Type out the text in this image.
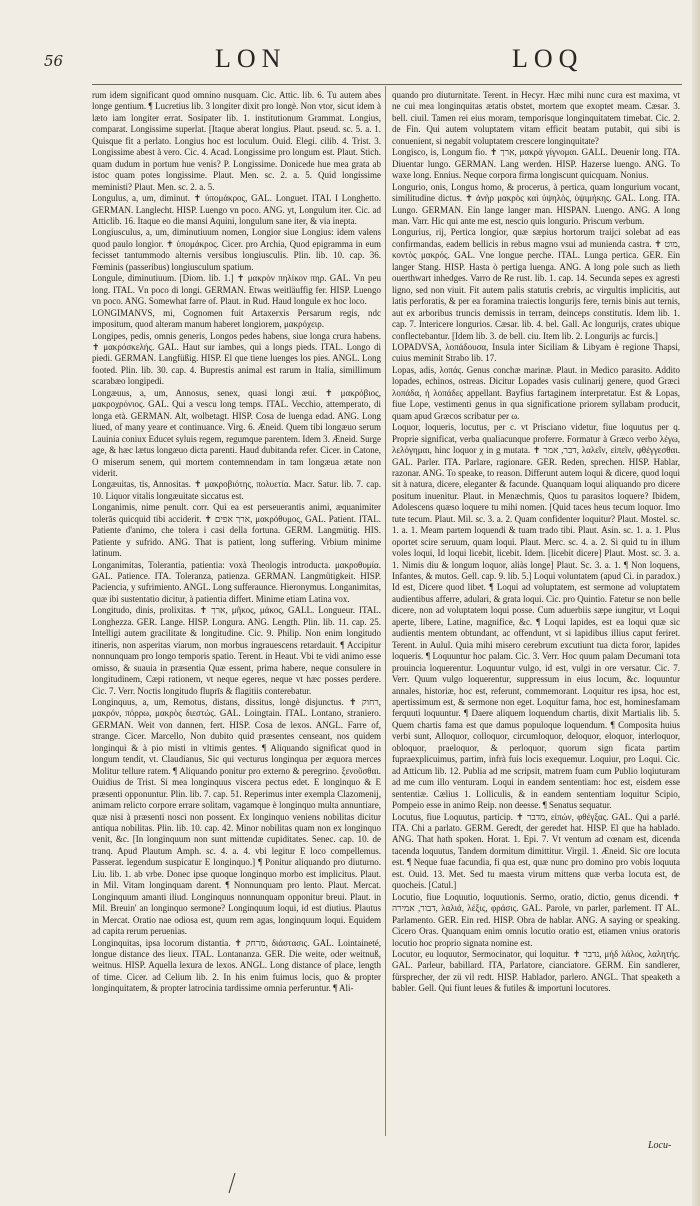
56	LON	LOQ

rum idem significant quod omnino nusquam. Cic. Attic. lib. 6. Tu autem abes longe gentium. ¶ Lucretius lib. 3 longiter dixit pro longè. Non vtor, sicut idem à læto iam longiter errat. Sosipater lib. 1. institutionum Grammat. Longius, comparat. Longissime superlat. [Itaque aberat longius. Plaut. pseud. sc. 5. a. 1. Quisque fit a perlato. Longius hoc est loculum. Ouid. Elegi. cilib. 4. Trist. 3. Longissime abest à vero. Cic. 4. Acad. Longissime pro longum est. Plaut. Stich. quam dudum in portum hue venis? P. Longissime. Donicede hue mea grata ab istoc quam potes longissime. Plaut. Men. sc. 2. a. 5. Quid longissime meministi? Plaut. Men. sc. 2. a. 5.

Longulus, a, um, diminut. ✝ ὑπομάκρος, GAL. Longuet. ITAL I Longhetto. GERMAN. Langlecht. HISP. Luengo vn poco. ANG. yt, Longulum iter. Cic. ad Atticlib. 16. Itaque eo die mansi Aquini, longulum sane iter, & via inepta.

Longiusculus, a, um, diminutiuum nomen, Longior siue Longius: idem valens quod paulo longior. ✝ ὑπομάκρος. Cicer. pro Archia, Quod epigramma in eum fecisset tantummodo alternis versibus longiusculis. Plin. lib. 10. cap. 36. Fœminis (passeribus) longiusculum spatium.

Longule, diminutiuum. [Diom. lib. 1.] ✝ μακρὸν πηλίκον πηρ. GAL. Vn peu long. ITAL. Vn poco di longi. GERMAN. Etwas weitläuffig fer. HISP. Luengo vn poco. ANG. Somewhat farre of. Plaut. in Rud. Haud longule ex hoc loco.

LONGIMANVS, mi, Cognomen fuit Artaxerxis Persarum regis, ndc impositum, quod alteram manum haberet longiorem, μακρόχειρ.

Longipes, pedis, omnis generis, Longos pedes habens, siue longa crura habens. ✝ μακρόσκελής. GAL. Haut sur iambes, qui a longs pieds. ITAL. Longo di piedi. GERMAN. Langfüßig. HISP. El que tiene luenges los pies. ANGL. Long footed. Plin. lib. 30. cap. 4. Buprestis animal est rarum in Italia, simillimum scarabæo longipedi.

Longæuus, a, um, Annosus, senex, quasi longi æui. ✝ μακρόβιος, μακροχρόνιος. GAL. Qui a vescu long temps. ITAL. Vecchio, attemperato, di longa età. GERMAN. Alt, wolbetagt. HISP. Cosa de luenga edad. ANG. Long liued, of many yeare et continuance. Virg. 6. Æneid. Quem tibi longæuo serum Lauinia coniux Educet syluis regem, regumque parentem. Idem 3. Æneid. Surge age, & hæc lætus longæuo dicta parenti. Haud dubitanda refer. Cicer. in Catone, O miserum senem, qui mortem contemnendam in tam longæua ætate non viderit.

Longæuitas, tis, Annositas. ✝ μακροβιότης, πολυετία. Macr. Satur. lib. 7. cap. 10. Liquor vitalis longæuitate siccatus est.

Longanimis, nime penult. corr. Qui ea est perseuerantis animi, æquanimiter tolerās quicquid tibi acciderit. ✝ ארך אפים, μακρόθυμος, GAL. Patient. ITAL. Patiente d'animo, che tolera i casi della fortuna. GERM. Langmütig. HIS. Patiente y sufrido. ANG. That is patient, long suffering. Vrbium minime latinum.

Longanimitas, Tolerantia, patientia: voxà Theologis introducta. μακροθυμία. GAL. Patience. ITA. Toleranza, patienza. GERMAN. Langmütigkeit. HISP. Paciencia, y sufrimiento. ANGL. Long sufferaunce. Hieronymus. Longanimitas, quæ ibi sustentatio dicitur, à patientia differt. Minime etiam Latina vox.

Longitudo, dinis, prolixitas. ✝ ארך, μῆκος, μάκος, GALL. Longueur. ITAL. Longhezza. GER. Lange. HISP. Longura. ANG. Length. Plin. lib. 11. cap. 25. Intelligi autem gracilitate & longitudine. Cic. 9. Philip. Non enim longitudo itineris, non asperitas viarum, non morbus ingrauescens retardauit. ¶ Accipitur nonnunquam pro longo temporis spatio. Terent. in Heaut. Vbi te vidi animo esse omisso, & suauia in præsentia Quæ essent, prima habere, neque consulere in longitudinem, Cæpi rationem, vt neque egeres, neque vt hæc posses perdere. Cic. 7. Verr. Noctis longitudo fluprīs & flagitiis conterebatur.

Longinquus, a, um, Remotus, distans, dissitus, longè disjunctus. ✝ רחוק, μακρόν, πόρρω, μακρὸς διεστώς. GAL. Loingtain. ITAL. Lontano, straniero. GERMAN. Weit von dannen, fert. HISP. Cosa de lexos. ANGL. Farre of, strange. Cicer. Marcello, Non dubito quid præsentes censeant, nos quidem longinqui & à pio misti in vltimis gentes. ¶ Aliquando significat quod in longum tendit, vt. Claudianus, Sic qui vecturus longinqua per æquora merces Molitur tellure ratem. ¶ Aliquando ponitur pro externo & peregrino. ξενοῦσθαι. Ouidius de Trist. Si mea longinquus viscera pectus edet. E longinquo & E præsenti opponuntur. Plin. lib. 7. cap. 51. Reperimus inter exempla Clazomenij, animam relicto corpore errare solitam, vagamque è longinquo multa annuntiare, quæ nisi à præsenti nosci non possent. Ex longinquo veniens nobilitas dicitur antiqua nobilitas. Plin. lib. 10. cap. 42. Minor nobilitas quam non ex longinquo venit, &c. [In longinquum non sunt mittendæ cupiditates. Senec. cap. 10. de tranq. Apud Plautum Amph. sc. 4. a. 4. vbi legitur E loco compellemus. Passerat. legendum suspicatur E longinquo.] ¶ Ponitur aliquando pro diuturno. Liu. lib. 1. ab vrbe. Donec ipse quoque longinquo morbo est implicitus. Plaut. in Mil. Vitam longinquam darent. ¶ Nonnunquam pro lento. Plaut. Mercat. Longinquum amanti iliud. Longinquus nonnunquam opponitur breui. Plaut. in Mil. Breuin' an longinquo sermone? Longinquum loqui, id est diutius. Plautus in Mercat. Oratio nae odiosa est, quum rem agas, longinquum loqui. Equidem ad capita rerum peruenias.

Longinquitas, ipsa locorum distantia. ✝ מרחק, διάστασις. GAL. Lointaineté, longue distance des lieux. ITAL. Lontananza. GER. Die weite, oder weitnuß, weitnus. HISP. Aquella lexura de lexos. ANGL. Long distance of place, length of time. Cicer. ad Celium lib. 2. In his enim fuimus locis, quo & propter longinquitatem, & propter latrocinia tardissime omnia perferuntur. ¶ Ali-

quando pro diuturnitate. Terent. in Hecyr. Hæc mihi nunc cura est maxima, vt ne cui mea longinquitas ætatis obstet, mortem que exoptet meam. Cæsar. 3. bell. ciuil. Tamen rei eius moram, temporisque longinquitatem timebat. Cic. 2. de Fin. Qui autem voluptatem vitam efficit beatam putabit, qui sibi is conuenient, si negabit voluptatem crescere longinquitate?

Longisco, is, Longum fio. ✝ ארך, μακρὰ γίγνομαι. GALL. Deuenir long. ITA. Diuentar lungo. GERMAN. Lang werden. HISP. Hazerse luengo. ANG. To waxe long. Ennius. Neque corpora firma longiscunt quicquam. Nonius.

Longurio, onis, Longus homo, & procerus, à pertica, quam longurium vocant, similitudine dictus. ✝ ἀνὴρ μακρὸς καὶ ὑψηλὸς, ὑψιμήκης. GAL. Long. ITA. Lungo. GERMAN. Ein lange langer man. HISPAN. Luengo. ANG. A long man. Varr. Hic qui ante me est, nescio quis longurio. Priscum verbum.

Longurius, rij, Pertica longior, quæ sæpius hortorum traijci solebat ad eas confirmandas, eadem bellicis in rebus magno vsui ad munienda castra. ✝ מוט, κοντὸς μακρός. GAL. Vne longue perche. ITAL. Lunga pertica. GER. Ein langer Stang. HISP. Hasta ò pertiga luenga. ANG. A long pole such as lieth ouerthwart inhedges. Varro de Re rust. lib. 1. cap. 14. Secunda sepes ex agresti ligno, sed non viuit. Fit autem palis statutis crebris, ac virgultis implicitis, aut latis perforatis, & per ea foramina traiectis longurijs fere, ternis binis aut ternis, aut ex arboribus truncis demissis in terram, deinceps constitutis. Idem lib. 1. cap. 7. Intericere longurios. Cæsar. lib. 4. bel. Gall. Ac longurijs, crates ubique conflectebantur. [Idem lib. 3. de bell. ciu. Item lib. 2. Longurijs ac furcis.]

LOPADVSA, λοπάδουσα, Insula inter Siciliam & Libyam è regione Thapsi, cuius meminit Strabo lib. 17.

Lopas, adis, λοπάς. Genus conchæ marinæ. Plaut. in Medico parasito. Addito lopades, echinos, ostreas. Dicitur Lopades vasis culinarij genere, quod Græci λοπάδα, ἡ λοπάδες appellant. Bayfius fartaginem interpretatur. Est & Lopas, fiue Lope, vestimenti genus in qua significatione priorem syllabam producit, quam apud Græcos scribatur per ω.

Loquor, loqueris, locutus, per c. vt Prisciano videtur, fiue loquutus per q. Proprie significat, verba qualiacunque proferre. Formatur à Græco verbo λέγω, λελόγημαι, hinc loquor χ in g mutata. ✝ דבר, אמר, λαλεῖν, εἰπεῖν, φθέγγεσθαι. GAL. Parler. ITA. Parlare, ragionare. GER. Reden, sprechen. HISP. Hablar, razonar. ANG. To speake, to reason. Differunt autem loqui & dicere, quod loqui sit à natura, dicere, eleganter & facunde. Quanquam loqui aliquando pro dicere positum inuenitur. Plaut. in Menæchmis, Quos tu parasitos loquere? Ibidem, Adolescens quæso loquere tu mihi nomen. [Quid taces heus tecum loquor. Imo tute tecum. Plaut. Mil. sc. 3. a. 2. Quam confidenter loquitur? Plaut. Mostel. sc. 1. a. 1. Meam partem loquendi & tuam trado tibi. Plaut. Asin. sc. 1. a. 1. Plus oportet scire seruum, quam loqui. Plaut. Merc. sc. 4. a. 2. Si quid tu in illum voles loqui, Id loqui licebit, licebit. Idem. [licebit dicere] Plaut. Most. sc. 3. a. 1. Nimis diu & longum loquor, aliàs longe] Plaut. Sc. 3. a. 1. ¶ Non loquens, Infantes, & mutos. Gell. cap. 9. lib. 5.] Loqui voluntatem (apud Ci. in paradox.) Id est, Dicere quod libet. ¶ Loqui ad voluptatem, est sermone ad voluptatem audientibus afferre, adulari, & grata loqui. Cic. pro Quintio. Fatetur se non belle dicere, non ad voluptatem loqui posse. Cum aduerbiis sæpe iungitur, vt Loqui aperte, libere, Latine, magnifice, &c. ¶ Loqui lapides, est ea loqui quæ sic audientis mentem obtundant, ac offendunt, vt si lapidibus illius caput feriret. Terent. in Aulul. Quia mihi misero cerebrum excutiunt tua dicta foror, lapides loqueris. ¶ Loquuntur hoc palam. Cic. 3. Verr. Hoc quum palam Decumani tota prouincia loquerentur. Loquuntur vulgo, id est, vulgi in ore versatur. Cic. 7. Verr. Quum vulgo loquerentur, suppressum in eius locum, &c. loquuntur annales, historiæ, hoc est, referunt, commemorant. Loquitur res ipsa, hoc est, apertissimum est, & sermone non eget. Loquitur fama, hoc est, hominesfamam ferquuti loquuntur. ¶ Daere aliquem loquendum chartis, dixit Martialis lib. 5. Quem chartis fama est que damus populoque loquendum. ¶ Composita huius verbi sunt, Alloquor, colloquor, circumloquor, deloquor, eloquor, interloquor, obloquor, praeloquor, & perloquor, quorum sign ficata partim fupraexplicuimus, partim, infrà fuis locis exequemur. Loquiur, pro Loqui. Cic. ad Atticum lib. 12. Publia ad me scripsit, matrem fuam cum Publio loqiuturam ad me cum illo venturam. Loqui in eandem sententiam: hoc est, eisdem esse sententiæ. Cælius 1. Lolliculis, & in eandem sententiam loquitur Scipio, Pompeio esse in animo Reip. non deesse. ¶ Senatus sequatur.

Locutus, fiue Loquutus, particip. ✝ מדבר, εἰπών, φθέγξας. GAL. Qui a parlé. ITA. Chi a parlato. GERM. Geredt, der geredet hat. HISP. El que ha hablado. ANG. That hath spoken. Horat. 1. Epi. 7. Vt ventum ad cœnam est, dicenda tacenda loquutus, Tandem dormitum dimittitur. Virgil. 1. Æneid. Sic ore locuta est. ¶ Neque fuae facundia, fi qua est, quæ nunc pro domino pro vobis loquuta est. Ouid. 13. Met. Sed tu maesta virum mittens quæ verba locuta est, de quocheis. [Catul.]

Locutio, fiue Loquutio, loquutionis. Sermo, oratio, dictio, genus dicendi. ✝ דבור, אמירה, λαλιά, λέξις, φράσις. GAL. Parole, vn parler, parlement. IT AL. Parlamento. GER. Ein red. HISP. Obra de hablar. ANG. A saying or speaking. Cicero Oras. Quanquam enim omnis locutio oratio est, etiamen vnius oratoris locutio hoc proprio signata nomine est.

Locutor, eu loquutor, Sermocinator, qui loquitur. ✝ נדבר, μήδ λάλος, λαλητής. GAL. Parleur, babillard. ITA, Parlatore, cianciatore. GERM. Ein sandlerer, fürsprecher, der zü vil redt. HISP. Hablador, parlero. ANGL. That speaketh a babler. Gell. Qui fiunt leues & futiles & importuni locutores.

Locu-
